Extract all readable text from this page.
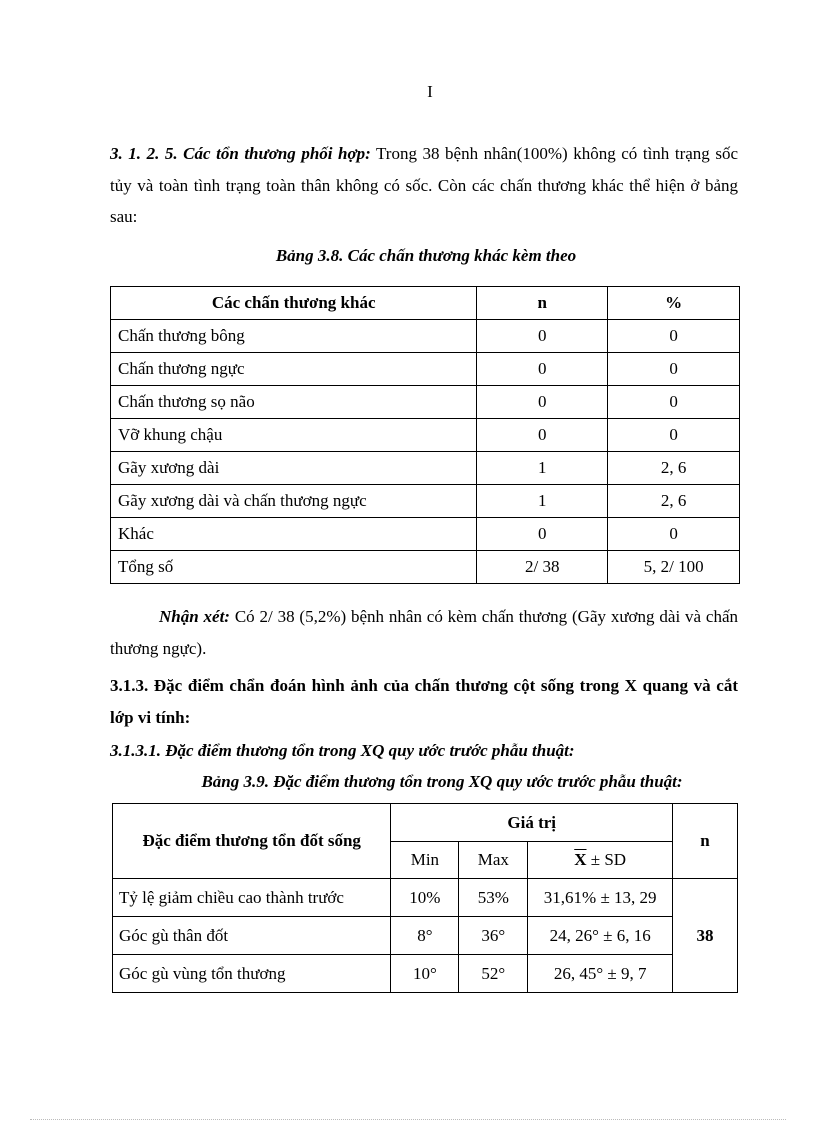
I

3. 1. 2. 5. Các tổn thương phối hợp: Trong 38 bệnh nhân(100%) không có tình trạng sốc tủy và toàn tình trạng toàn thân không có sốc. Còn các chấn thương khác thể hiện ở bảng sau:

Bảng 3.8. Các chấn thương khác kèm theo
Các chấn thương khác	n	%
Chấn thương bông	0	0
Chấn thương ngực	0	0
Chấn thương sọ não	0	0
Vỡ khung chậu	0	0
Gãy xương dài	1	2, 6
Gãy xương dài và chấn thương ngực	1	2, 6
Khác	0	0
Tổng số	2/ 38	5, 2/ 100

Nhận xét: Có 2/ 38 (5,2%) bệnh nhân có kèm chấn thương (Gãy xương dài và chấn thương ngực).

3.1.3. Đặc điểm chẩn đoán hình ảnh của chấn thương cột sống trong X quang và cắt lớp vi tính:

3.1.3.1. Đặc điểm thương tổn trong XQ quy ước trước phẫu thuật:

Bảng 3.9. Đặc điểm thương tổn trong XQ quy ước trước phẫu thuật:
Đặc điểm thương tổn đốt sống	Giá trị			n
	Min	Max	$\overline{X}$ ± SD	
Tỷ lệ giảm chiều cao thành trước	10%	53%	31,61% ± 13, 29	38
Góc gù thân đốt	8°	36°	24, 26° ± 6, 16	
Góc gù vùng tổn thương	10°	52°	26, 45° ± 9, 7	
